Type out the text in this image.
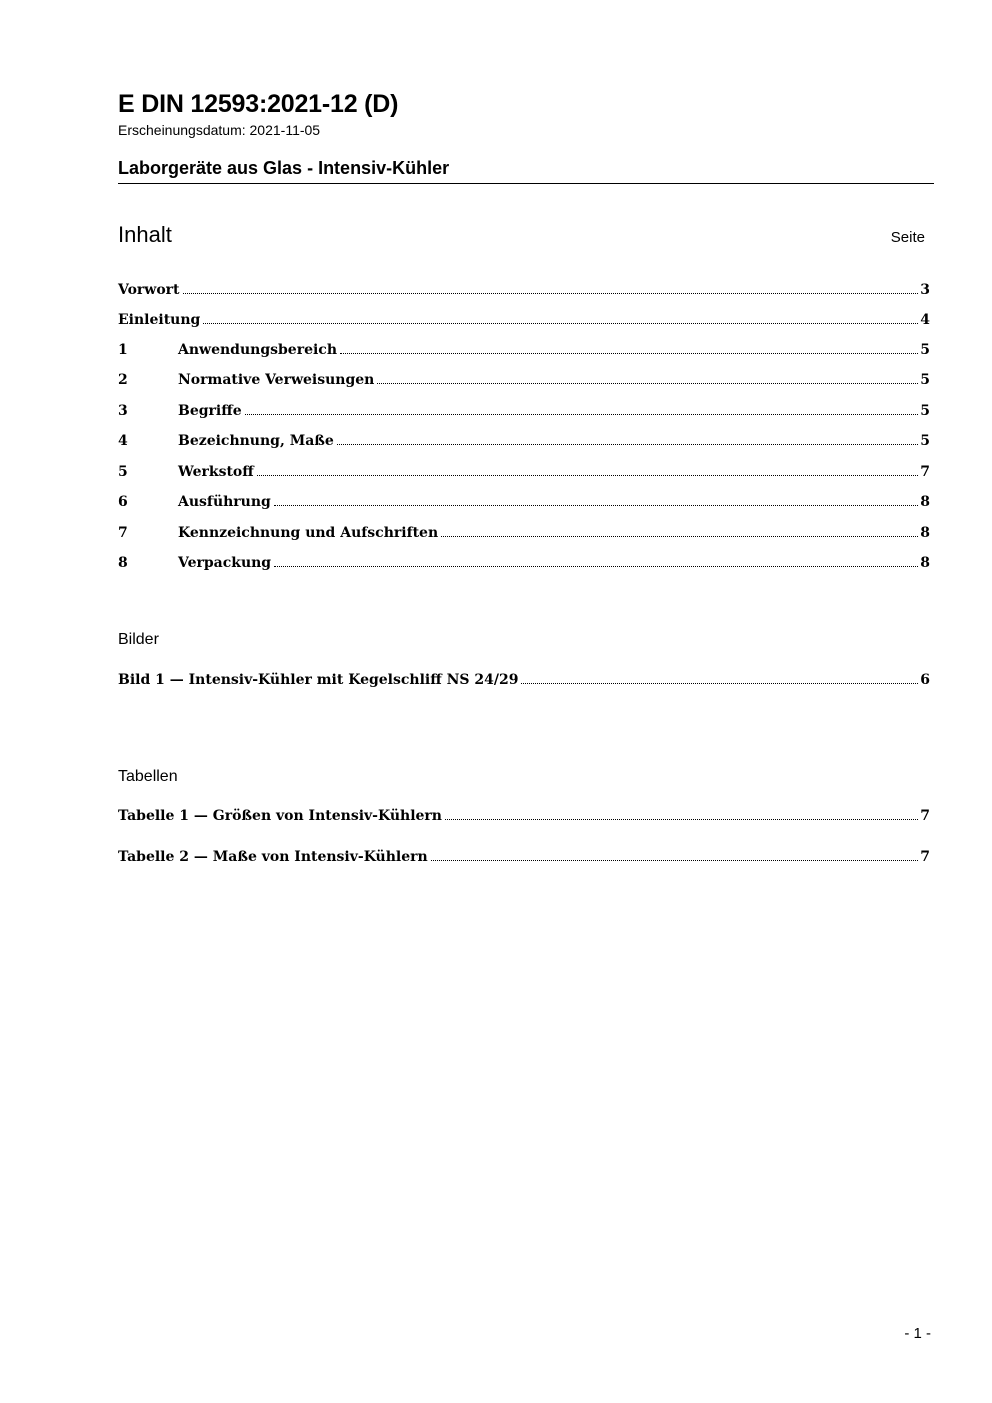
E DIN 12593:2021-12 (D)
Erscheinungsdatum: 2021-11-05
Laborgeräte aus Glas - Intensiv-Kühler
Inhalt	Seite
Vorwort	3
Einleitung	4
1	Anwendungsbereich	5
2	Normative Verweisungen	5
3	Begriffe	5
4	Bezeichnung, Maße	5
5	Werkstoff	7
6	Ausführung	8
7	Kennzeichnung und Aufschriften	8
8	Verpackung	8
Bilder
Bild 1 — Intensiv-Kühler mit Kegelschliff NS 24/29	6
Tabellen
Tabelle 1 — Größen von Intensiv-Kühlern	7
Tabelle 2 — Maße von Intensiv-Kühlern	7
- 1 -
